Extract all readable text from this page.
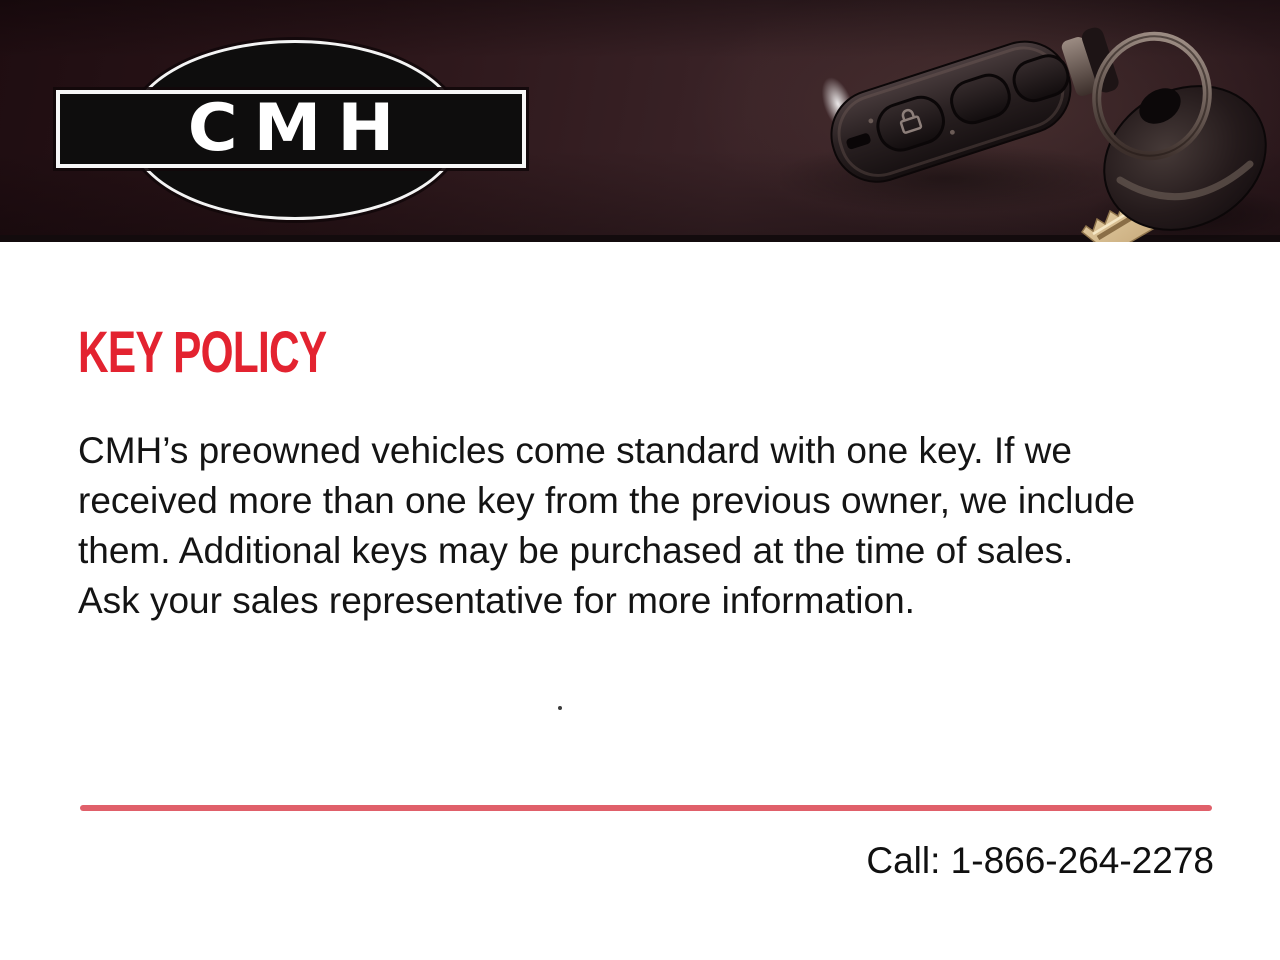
CMH
KEY POLICY
CMH’s preowned vehicles come standard with one key. If we
received more than one key from the previous owner, we include
them. Additional keys may be purchased at the time of sales.
Ask your sales representative for more information.
Call: 1-866-264-2278
